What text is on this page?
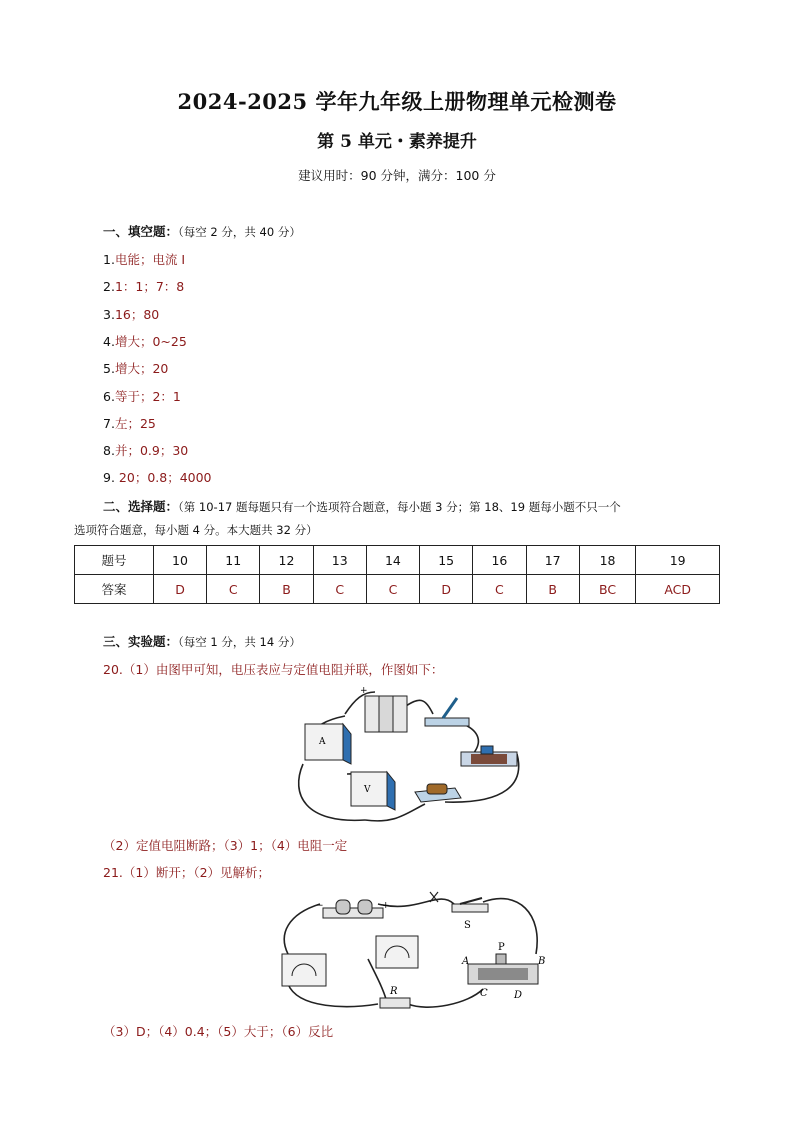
2024-2025 学年九年级上册物理单元检测卷
第 5 单元・素养提升
建议用时：90 分钟，满分：100 分
一、填空题：（每空 2 分，共 40 分）
1.电能；电流 I
2.1：1；7：8
3.16；80
4.增大；0~25
5.增大；20
6.等于；2：1
7.左；25
8.并；0.9；30
9. 20；0.8；4000
二、选择题：（第 10-17 题每题只有一个选项符合题意，每小题 3 分；第 18、19 题每小题不只一个
选项符合题意，每小题 4 分。本大题共 32 分）
题号	10	11	12	13	14	15	16	17	18	19
答案	D	C	B	C	C	D	C	B	BC	ACD
三、实验题：（每空 1 分，共 14 分）
20.（1）由图甲可知，电压表应与定值电阻并联，作图如下：
+
A
V
（2）定值电阻断路；（3）1；（4）电阻一定
21.（1）断开；（2）见解析；
−	+
S
R
A	B
C	D
P
（3）D；（4）0.4；（5）大于；（6）反比
